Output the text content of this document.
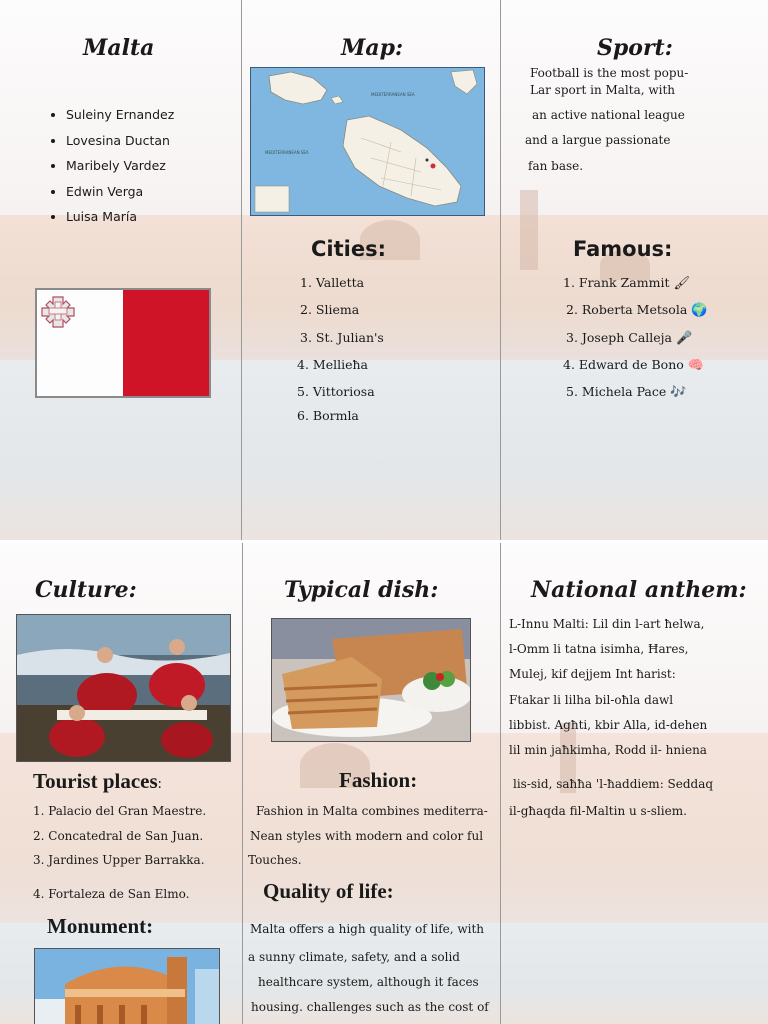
Malta
• Suleiny Ernandez
• Lovesina Ductan
• Maribely Vardez
• Edwin Verga
• Luisa María
Map:
MEDITERRANEAN SEA
MEDITERRANEAN SEA
Cities:
1. Valletta
2. Sliema
3. St. Julian's
4. Mellieħa
5. Vittoriosa
6. Bormla
Sport:
Football is the most popu-
Lar sport in Malta, with
an active national league
and a largue passionate
fan base.
Famous:
1. Frank Zammit 🖌
2. Roberta Metsola 🌍
3. Joseph Calleja 🎤
4. Edward de Bono 🧠
5. Michela Pace 🎶
Culture:
Tourist places:
1. Palacio del Gran Maestre.
2. Concatedral de San Juan.
3. Jardines Upper Barrakka.
4. Fortaleza de San Elmo.
Monument:
Typical dish:
Fashion:
Fashion in Malta combines mediterra-
Nean styles with modern and color ful
Touches.
Quality of life:
Malta offers a high quality of life, with
a sunny climate, safety, and a solid
healthcare system, although it faces
housing. challenges such as the cost of
National anthem:
L-Innu Malti: Lil din l-art ħelwa,
l-Omm li tatna isimha, Ħares,
Mulej, kif dejjem Int ħarist:
Ftakar li lilha bil-oħla dawl
libbist. Agħti, kbir Alla, id-dehen
lil min jaħkimha, Rodd il- hniena
lis-sid, saħħa 'l-ħaddiem: Seddaq
il-għaqda fil-Maltin u s-sliem.
